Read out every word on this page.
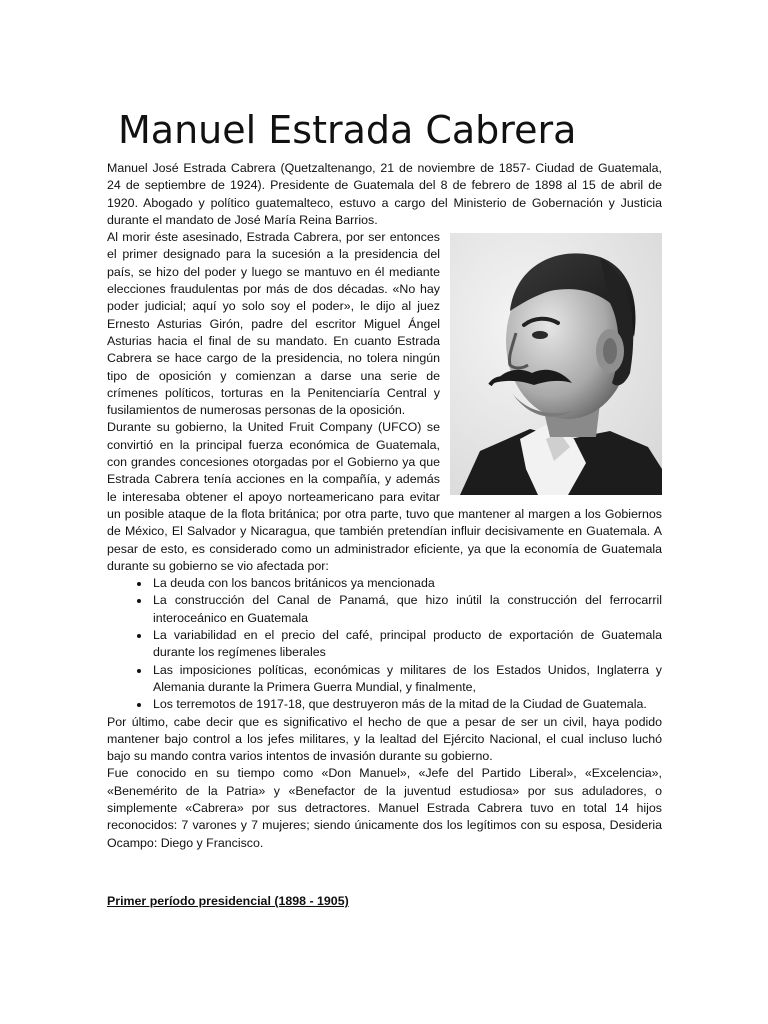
Manuel Estrada Cabrera

Manuel José Estrada Cabrera (Quetzaltenango, 21 de noviembre de 1857- Ciudad de Guatemala, 24 de septiembre de 1924). Presidente de Guatemala del 8 de febrero de 1898 al 15 de abril de 1920. Abogado y político guatemalteco, estuvo a cargo del Ministerio de Gobernación y Justicia durante el mandato de José María Reina Barrios.

Al morir éste asesinado, Estrada Cabrera, por ser entonces el primer designado para la sucesión a la presidencia del país, se hizo del poder y luego se mantuvo en él mediante elecciones fraudulentas por más de dos décadas. «No hay poder judicial; aquí yo solo soy el poder», le dijo al juez Ernesto Asturias Girón, padre del escritor Miguel Ángel Asturias hacia el final de su mandato. En cuanto Estrada Cabrera se hace cargo de la presidencia, no tolera ningún tipo de oposición y comienzan a darse una serie de crímenes políticos, torturas en la Penitenciaría Central y fusilamientos de numerosas personas de la oposición.

Durante su gobierno, la United Fruit Company (UFCO) se convirtió en la principal fuerza económica de Guatemala, con grandes concesiones otorgadas por el Gobierno ya que Estrada Cabrera tenía acciones en la compañía, y además le interesaba obtener el apoyo norteamericano para evitar un posible ataque de la flota británica; por otra parte, tuvo que mantener al margen a los Gobiernos de México, El Salvador y Nicaragua, que también pretendían influir decisivamente en Guatemala. A pesar de esto, es considerado como un administrador eficiente, ya que la economía de Guatemala durante su gobierno se vio afectada por:

• La deuda con los bancos británicos ya mencionada
• La construcción del Canal de Panamá, que hizo inútil la construcción del ferrocarril interoceánico en Guatemala
• La variabilidad en el precio del café, principal producto de exportación de Guatemala durante los regímenes liberales
• Las imposiciones políticas, económicas y militares de los Estados Unidos, Inglaterra y Alemania durante la Primera Guerra Mundial, y finalmente,
• Los terremotos de 1917-18, que destruyeron más de la mitad de la Ciudad de Guatemala.

Por último, cabe decir que es significativo el hecho de que a pesar de ser un civil, haya podido mantener bajo control a los jefes militares, y la lealtad del Ejército Nacional, el cual incluso luchó bajo su mando contra varios intentos de invasión durante su gobierno.

Fue conocido en su tiempo como «Don Manuel», «Jefe del Partido Liberal», «Excelencia», «Benemérito de la Patria» y «Benefactor de la juventud estudiosa» por sus aduladores, o simplemente «Cabrera» por sus detractores. Manuel Estrada Cabrera tuvo en total 14 hijos reconocidos: 7 varones y 7 mujeres; siendo únicamente dos los legítimos con su esposa, Desideria Ocampo: Diego y Francisco.

Primer período presidencial (1898 - 1905)
